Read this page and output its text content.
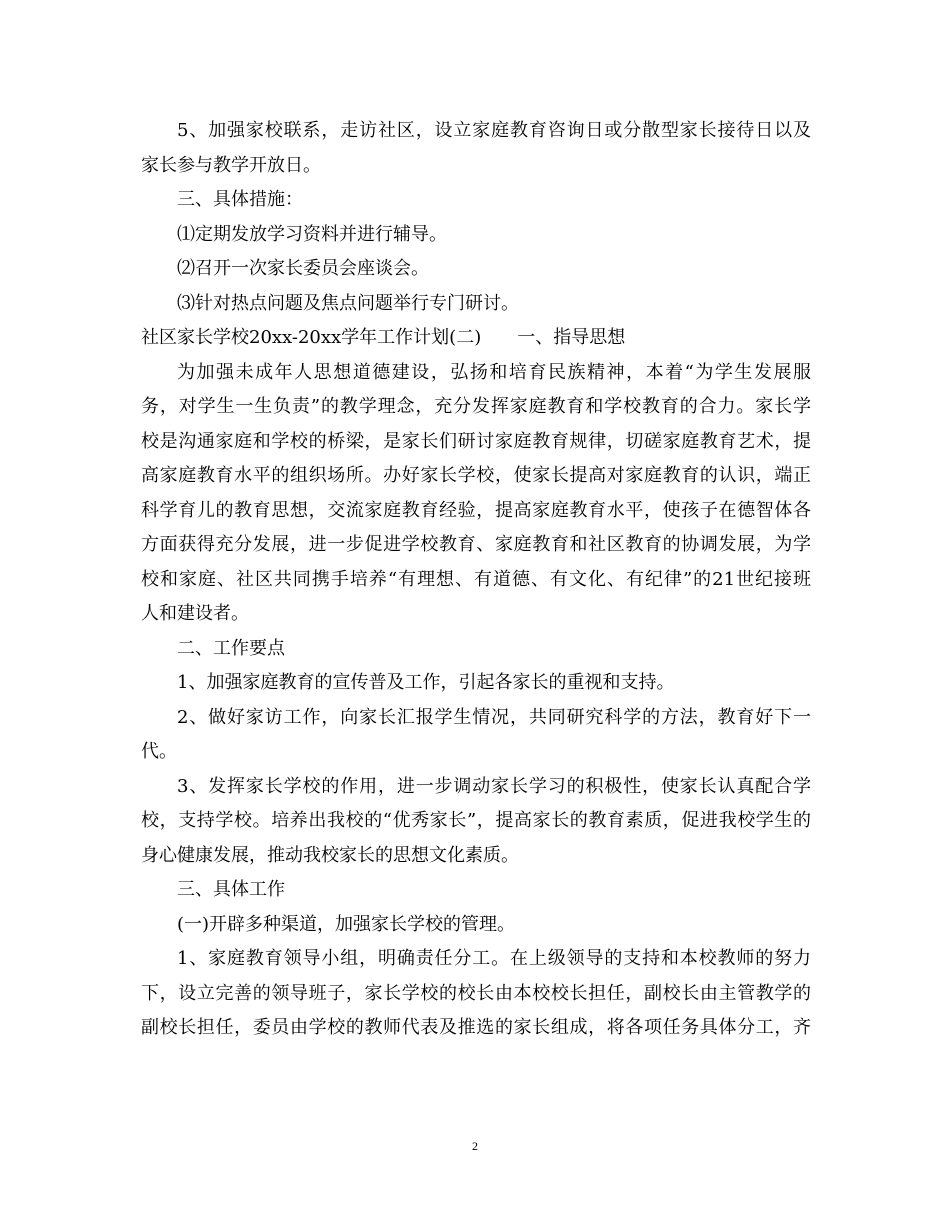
5、加强家校联系，走访社区，设立家庭教育咨询日或分散型家长接待日以及
家长参与教学开放日。
三、具体措施：
⑴定期发放学习资料并进行辅导。
⑵召开一次家长委员会座谈会。
⑶针对热点问题及焦点问题举行专门研讨。
社区家长学校20xx-20xx学年工作计划(二)　　一、指导思想
为加强未成年人思想道德建设，弘扬和培育民族精神，本着“为学生发展服
务，对学生一生负责”的教学理念，充分发挥家庭教育和学校教育的合力。家长学
校是沟通家庭和学校的桥梁，是家长们研讨家庭教育规律，切磋家庭教育艺术，提
高家庭教育水平的组织场所。办好家长学校，使家长提高对家庭教育的认识，端正
科学育儿的教育思想，交流家庭教育经验，提高家庭教育水平，使孩子在德智体各
方面获得充分发展，进一步促进学校教育、家庭教育和社区教育的协调发展，为学
校和家庭、社区共同携手培养“有理想、有道德、有文化、有纪律”的21世纪接班
人和建设者。
二、工作要点
1、加强家庭教育的宣传普及工作，引起各家长的重视和支持。
2、做好家访工作，向家长汇报学生情况，共同研究科学的方法，教育好下一
代。
3、发挥家长学校的作用，进一步调动家长学习的积极性，使家长认真配合学
校，支持学校。培养出我校的“优秀家长”，提高家长的教育素质，促进我校学生的
身心健康发展，推动我校家长的思想文化素质。
三、具体工作
(一)开辟多种渠道，加强家长学校的管理。
1、家庭教育领导小组，明确责任分工。在上级领导的支持和本校教师的努力
下，设立完善的领导班子，家长学校的校长由本校校长担任，副校长由主管教学的
副校长担任，委员由学校的教师代表及推选的家长组成，将各项任务具体分工，齐
2
